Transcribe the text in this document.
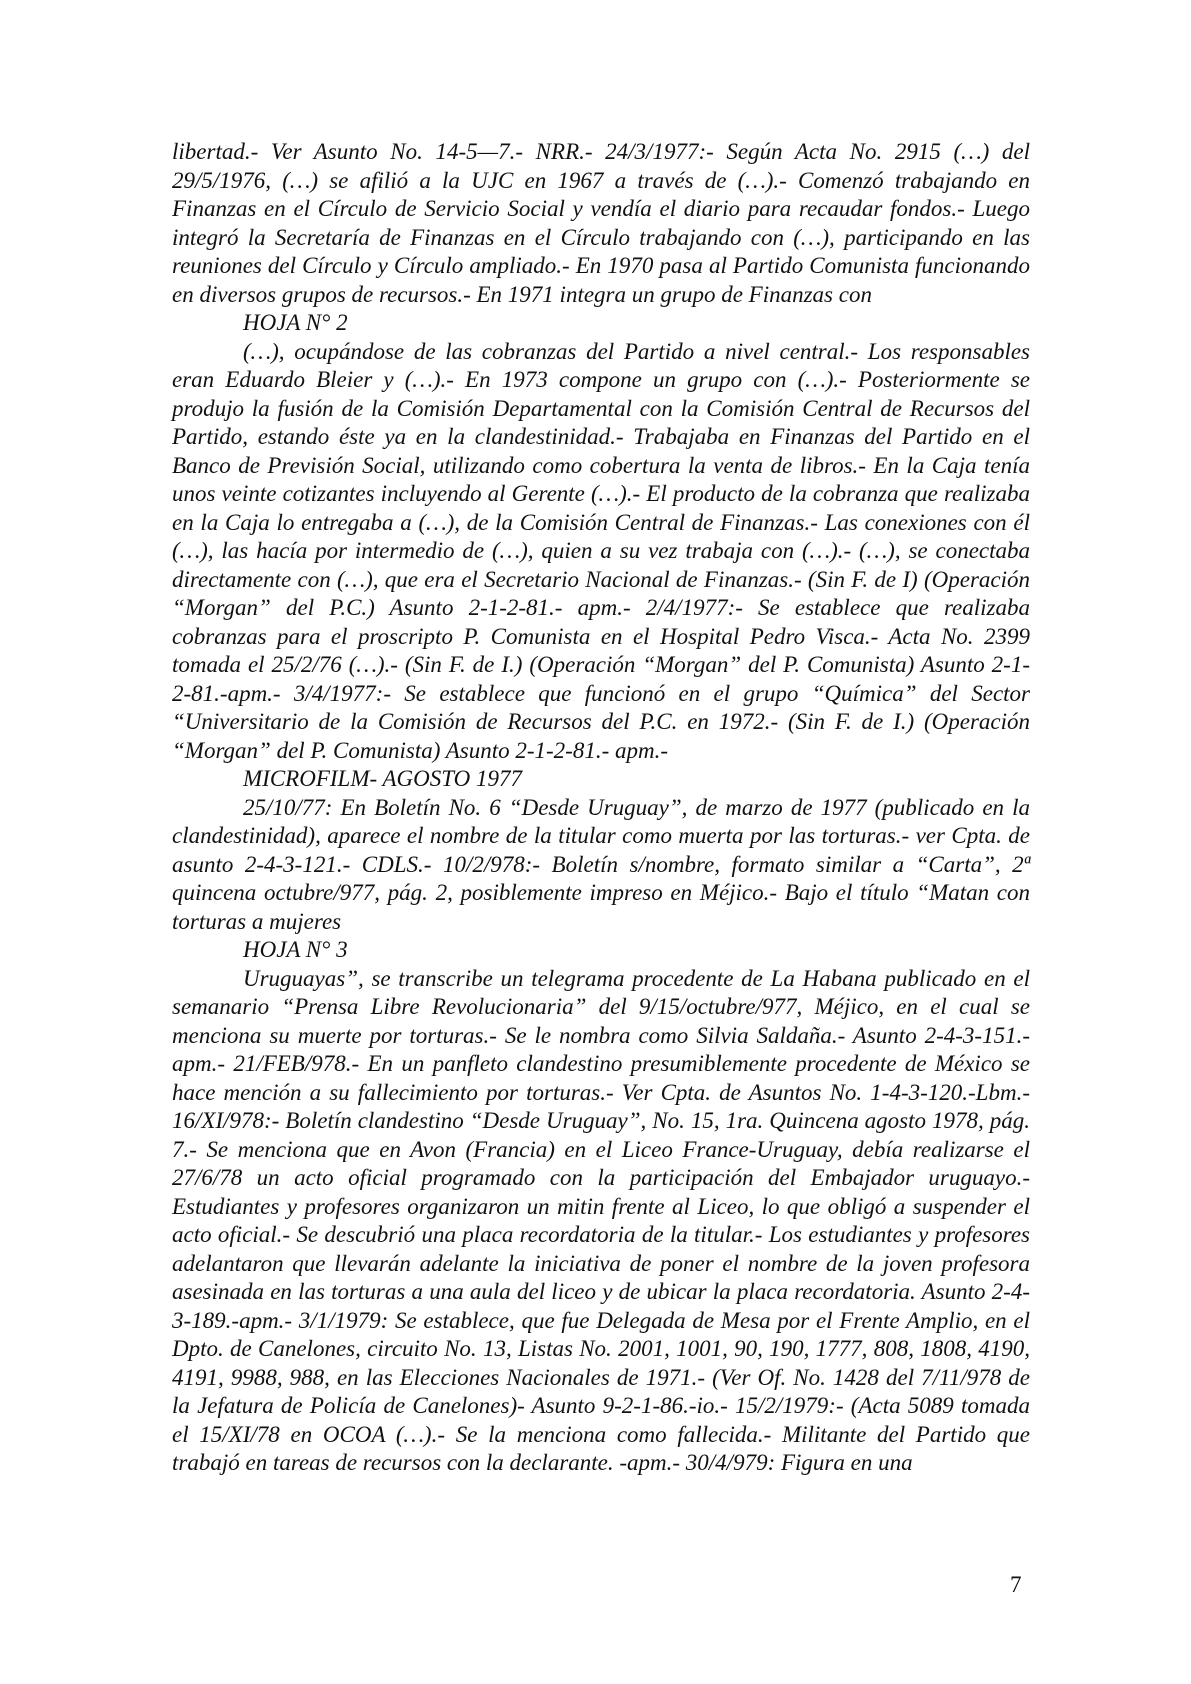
libertad.- Ver Asunto No. 14-5—7.- NRR.- 24/3/1977:- Según Acta No. 2915 (…) del 29/5/1976, (…) se afilió a la UJC en 1967 a través de (…).- Comenzó trabajando en Finanzas en el Círculo de Servicio Social y vendía el diario para recaudar fondos.- Luego integró la Secretaría de Finanzas en el Círculo trabajando con (…), participando en las reuniones del Círculo y Círculo ampliado.- En 1970 pasa al Partido Comunista funcionando en diversos grupos de recursos.- En 1971 integra un grupo de Finanzas con

HOJA N° 2

(…), ocupándose de las cobranzas del Partido a nivel central.- Los responsables eran Eduardo Bleier y (…).- En 1973 compone un grupo con (…).- Posteriormente se produjo la fusión de la Comisión Departamental con la Comisión Central de Recursos del Partido, estando éste ya en la clandestinidad.- Trabajaba en Finanzas del Partido en el Banco de Previsión Social, utilizando como cobertura la venta de libros.- En la Caja tenía unos veinte cotizantes incluyendo al Gerente (…).- El producto de la cobranza que realizaba en la Caja lo entregaba a (…), de la Comisión Central de Finanzas.- Las conexiones con él (…), las hacía por intermedio de (…), quien a su vez trabaja con (…).- (…), se conectaba directamente con (…), que era el Secretario Nacional de Finanzas.- (Sin F. de I) (Operación “Morgan” del P.C.) Asunto 2-1-2-81.- apm.- 2/4/1977:- Se establece que realizaba cobranzas para el proscripto P. Comunista en el Hospital Pedro Visca.- Acta No. 2399 tomada el 25/2/76 (…).- (Sin F. de I.) (Operación “Morgan” del P. Comunista) Asunto 2-1-2-81.-apm.- 3/4/1977:- Se establece que funcionó en el grupo “Química” del Sector “Universitario de la Comisión de Recursos del P.C. en 1972.- (Sin F. de I.) (Operación “Morgan” del P. Comunista) Asunto 2-1-2-81.- apm.-

MICROFILM- AGOSTO 1977

25/10/77: En Boletín No. 6 “Desde Uruguay”, de marzo de 1977 (publicado en la clandestinidad), aparece el nombre de la titular como muerta por las torturas.- ver Cpta. de asunto 2-4-3-121.- CDLS.- 10/2/978:- Boletín s/nombre, formato similar a “Carta”, 2ª quincena octubre/977, pág. 2, posiblemente impreso en Méjico.- Bajo el título “Matan con torturas a mujeres

HOJA N° 3

Uruguayas”, se transcribe un telegrama procedente de La Habana publicado en el semanario “Prensa Libre Revolucionaria” del 9/15/octubre/977, Méjico, en el cual se menciona su muerte por torturas.- Se le nombra como Silvia Saldaña.- Asunto 2-4-3-151.-apm.- 21/FEB/978.- En un panfleto clandestino presumiblemente procedente de México se hace mención a su fallecimiento por torturas.- Ver Cpta. de Asuntos No. 1-4-3-120.-Lbm.- 16/XI/978:- Boletín clandestino “Desde Uruguay”, No. 15, 1ra. Quincena agosto 1978, pág. 7.- Se menciona que en Avon (Francia) en el Liceo France-Uruguay, debía realizarse el 27/6/78 un acto oficial programado con la participación del Embajador uruguayo.- Estudiantes y profesores organizaron un mitin frente al Liceo, lo que obligó a suspender el acto oficial.- Se descubrió una placa recordatoria de la titular.- Los estudiantes y profesores adelantaron que llevarán adelante la iniciativa de poner el nombre de la joven profesora asesinada en las torturas a una aula del liceo y de ubicar la placa recordatoria. Asunto 2-4-3-189.-apm.- 3/1/1979: Se establece, que fue Delegada de Mesa por el Frente Amplio, en el Dpto. de Canelones, circuito No. 13, Listas No. 2001, 1001, 90, 190, 1777, 808, 1808, 4190, 4191, 9988, 988, en las Elecciones Nacionales de 1971.- (Ver Of. No. 1428 del 7/11/978 de la Jefatura de Policía de Canelones)- Asunto 9-2-1-86.-io.- 15/2/1979:- (Acta 5089 tomada el 15/XI/78 en OCOA (…).- Se la menciona como fallecida.- Militante del Partido que trabajó en tareas de recursos con la declarante. -apm.- 30/4/979: Figura en una

7
